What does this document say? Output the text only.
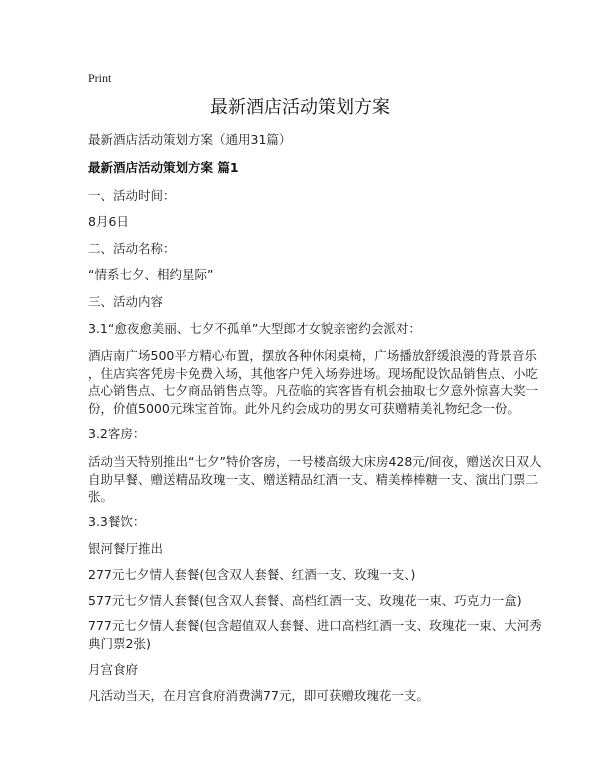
Print
最新酒店活动策划方案
最新酒店活动策划方案（通用31篇）
最新酒店活动策划方案 篇1
一、活动时间：
8月6日
二、活动名称：
“情系七夕、相约星际”
三、活动内容
3.1“愈夜愈美丽、七夕不孤单”大型郎才女貌亲密约会派对：
酒店南广场500平方精心布置，摆放各种休闲桌椅，广场播放舒缓浪漫的背景音乐
，住店宾客凭房卡免费入场，其他客户凭入场券进场。现场配设饮品销售点、小吃
点心销售点、七夕商品销售点等。凡莅临的宾客皆有机会抽取七夕意外惊喜大奖一
份，价值5000元珠宝首饰。此外凡约会成功的男女可获赠精美礼物纪念一份。
3.2客房：
活动当天特别推出“七夕”特价客房，一号楼高级大床房428元/间夜，赠送次日双人
自助早餐、赠送精品玫瑰一支、赠送精品红酒一支、精美棒棒糖一支、演出门票二
张。
3.3餐饮：
银河餐厅推出
277元七夕情人套餐(包含双人套餐、红酒一支、玫瑰一支、)
577元七夕情人套餐(包含双人套餐、高档红酒一支、玫瑰花一束、巧克力一盒)
777元七夕情人套餐(包含超值双人套餐、进口高档红酒一支、玫瑰花一束、大河秀
典门票2张)
月宫食府
凡活动当天，在月宫食府消费满77元，即可获赠玫瑰花一支。
